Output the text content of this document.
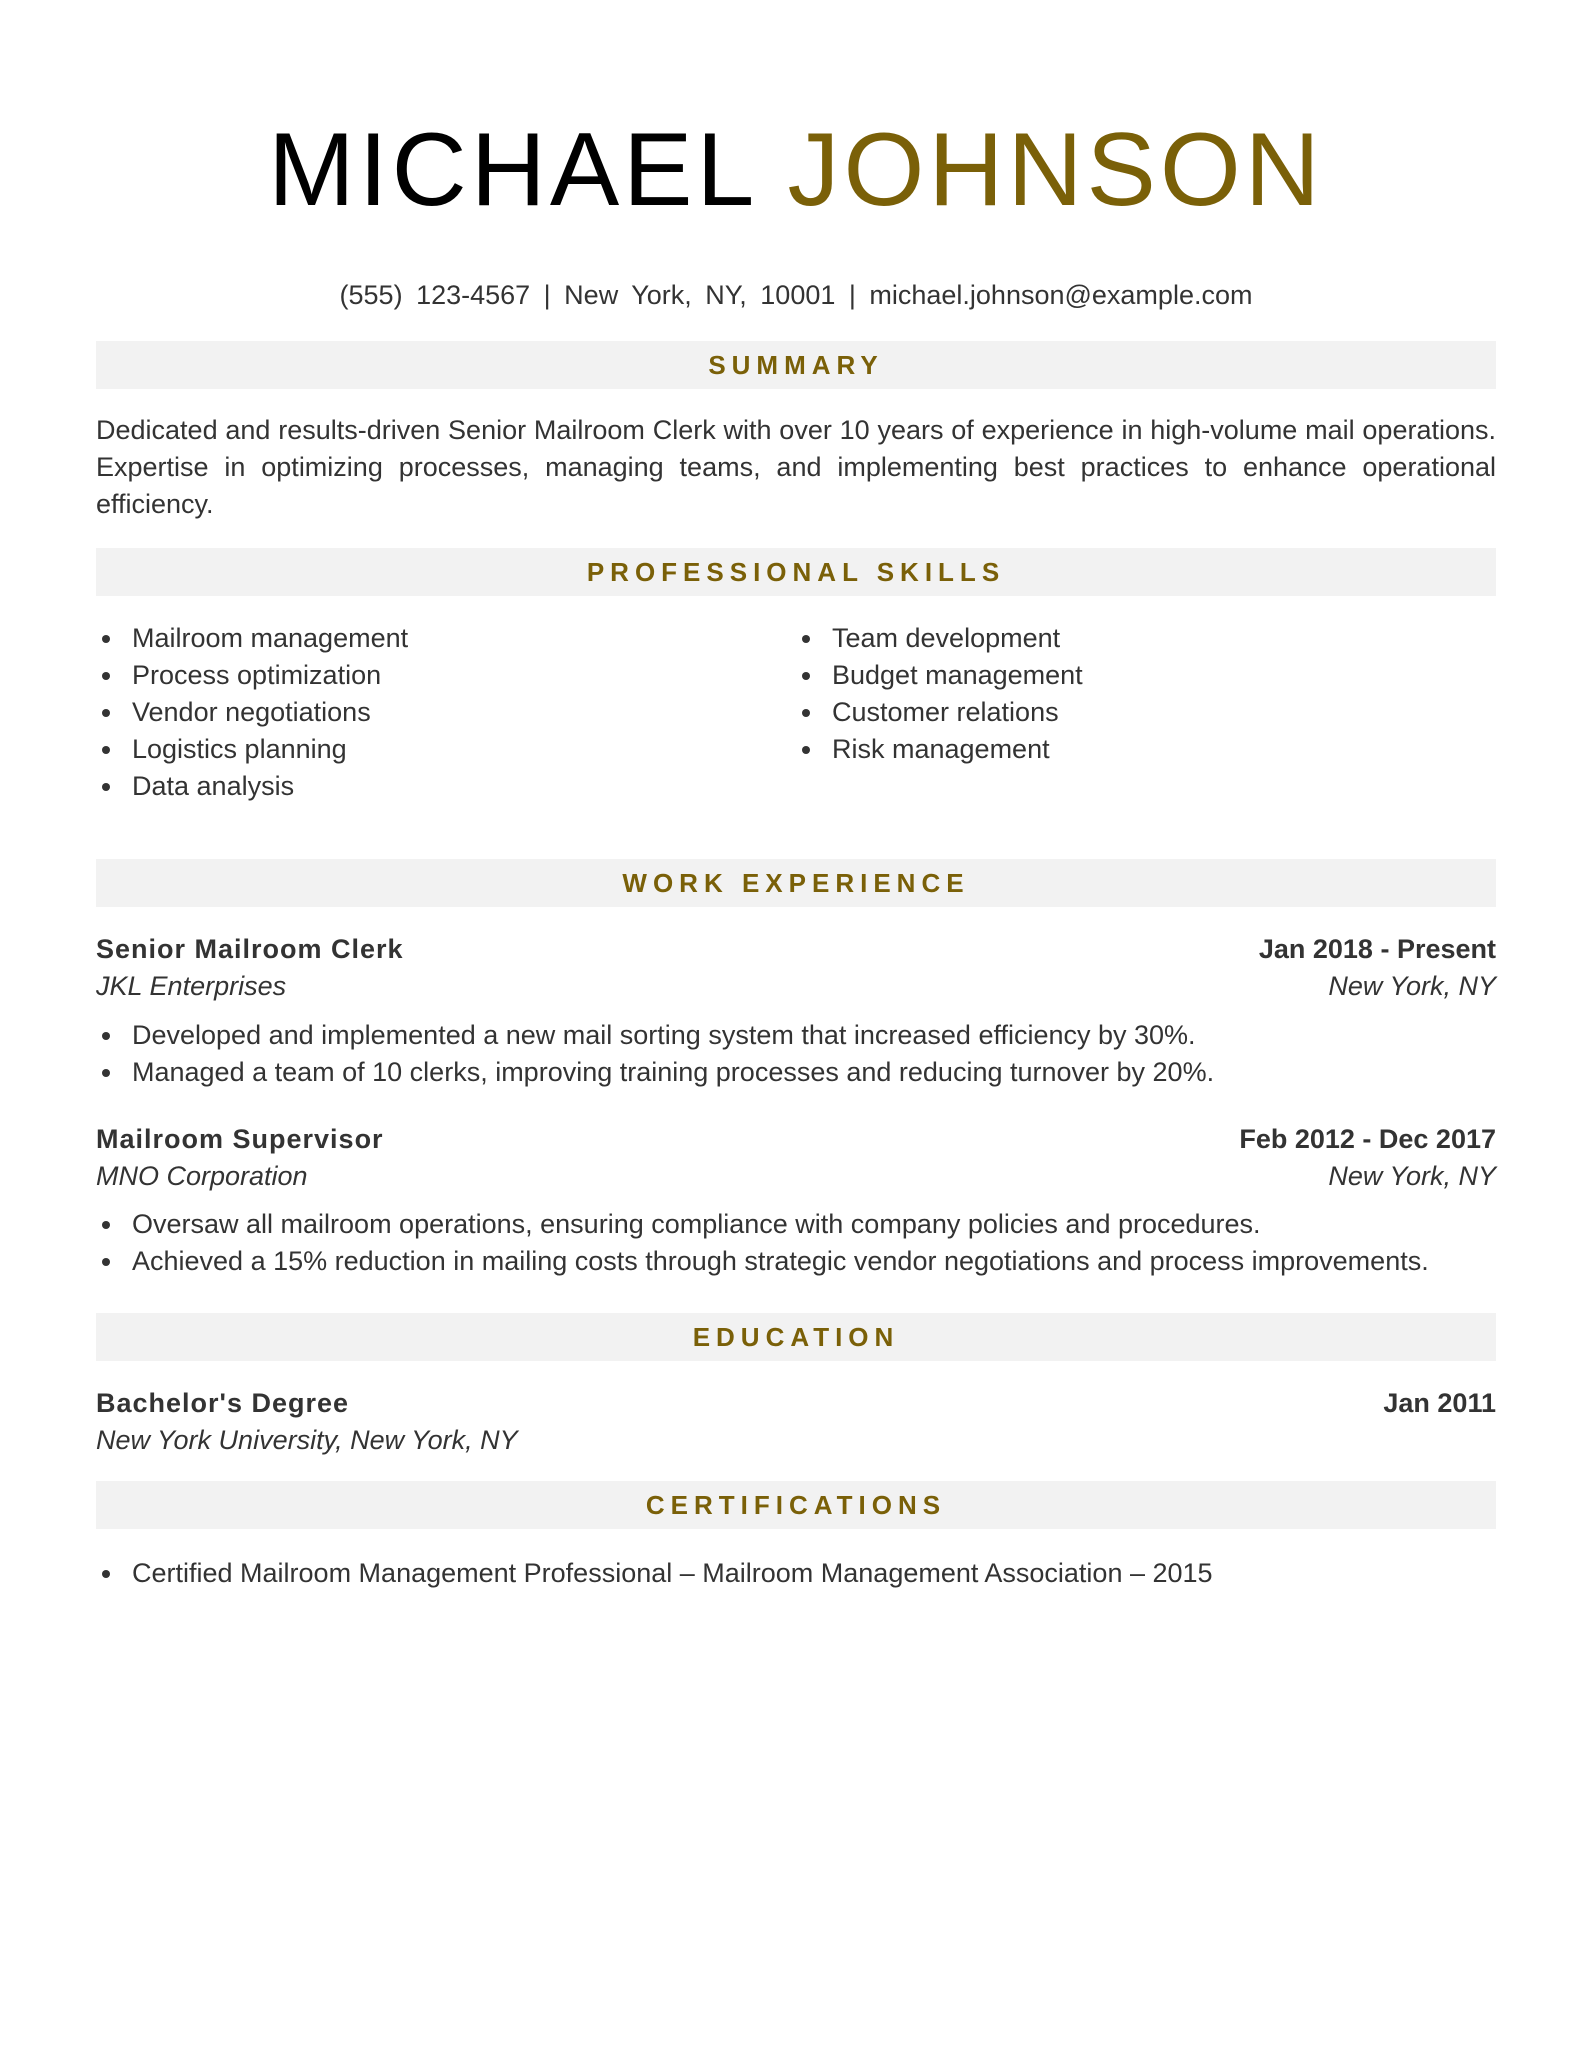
MICHAEL JOHNSON
(555) 123-4567 | New York, NY, 10001 | michael.johnson@example.com
SUMMARY
Dedicated and results-driven Senior Mailroom Clerk with over 10 years of experience in high-volume mail operations. Expertise in optimizing processes, managing teams, and implementing best practices to enhance operational efficiency.
PROFESSIONAL SKILLS
Mailroom management
Process optimization
Vendor negotiations
Logistics planning
Data analysis
Team development
Budget management
Customer relations
Risk management
WORK EXPERIENCE
Senior Mailroom Clerk	Jan 2018 - Present
JKL Enterprises	New York, NY
Developed and implemented a new mail sorting system that increased efficiency by 30%.
Managed a team of 10 clerks, improving training processes and reducing turnover by 20%.
Mailroom Supervisor	Feb 2012 - Dec 2017
MNO Corporation	New York, NY
Oversaw all mailroom operations, ensuring compliance with company policies and procedures.
Achieved a 15% reduction in mailing costs through strategic vendor negotiations and process improvements.
EDUCATION
Bachelor's Degree	Jan 2011
New York University, New York, NY
CERTIFICATIONS
Certified Mailroom Management Professional – Mailroom Management Association – 2015
